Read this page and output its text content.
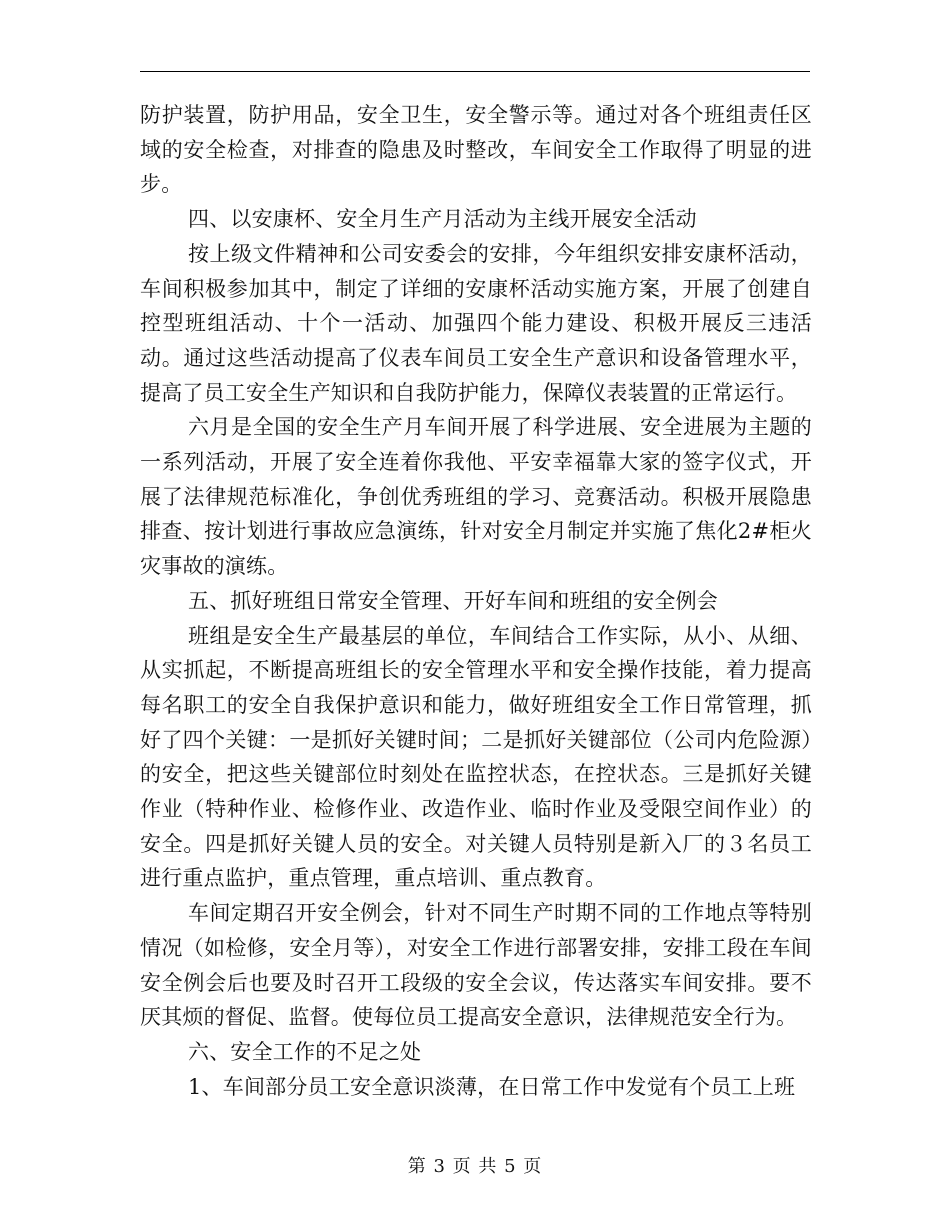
防护装置，防护用品，安全卫生，安全警示等。通过对各个班组责任区域的安全检查，对排查的隐患及时整改，车间安全工作取得了明显的进步。

四、以安康杯、安全月生产月活动为主线开展安全活动

按上级文件精神和公司安委会的安排，今年组织安排安康杯活动，车间积极参加其中，制定了详细的安康杯活动实施方案，开展了创建自控型班组活动、十个一活动、加强四个能力建设、积极开展反三违活动。通过这些活动提高了仪表车间员工安全生产意识和设备管理水平，提高了员工安全生产知识和自我防护能力，保障仪表装置的正常运行。

六月是全国的安全生产月车间开展了科学进展、安全进展为主题的一系列活动，开展了安全连着你我他、平安幸福靠大家的签字仪式，开展了法律规范标准化，争创优秀班组的学习、竞赛活动。积极开展隐患排查、按计划进行事故应急演练，针对安全月制定并实施了焦化2#柜火灾事故的演练。

五、抓好班组日常安全管理、开好车间和班组的安全例会

班组是安全生产最基层的单位，车间结合工作实际，从小、从细、从实抓起，不断提高班组长的安全管理水平和安全操作技能，着力提高每名职工的安全自我保护意识和能力，做好班组安全工作日常管理，抓好了四个关键：一是抓好关键时间；二是抓好关键部位（公司内危险源）的安全，把这些关键部位时刻处在监控状态，在控状态。三是抓好关键作业（特种作业、检修作业、改造作业、临时作业及受限空间作业）的安全。四是抓好关键人员的安全。对关键人员特别是新入厂的３名员工进行重点监护，重点管理，重点培训、重点教育。

车间定期召开安全例会，针对不同生产时期不同的工作地点等特别情况（如检修，安全月等），对安全工作进行部署安排，安排工段在车间安全例会后也要及时召开工段级的安全会议，传达落实车间安排。要不厌其烦的督促、监督。使每位员工提高安全意识，法律规范安全行为。

六、安全工作的不足之处

1、车间部分员工安全意识淡薄，在日常工作中发觉有个员工上班

第 3 页 共 5 页
